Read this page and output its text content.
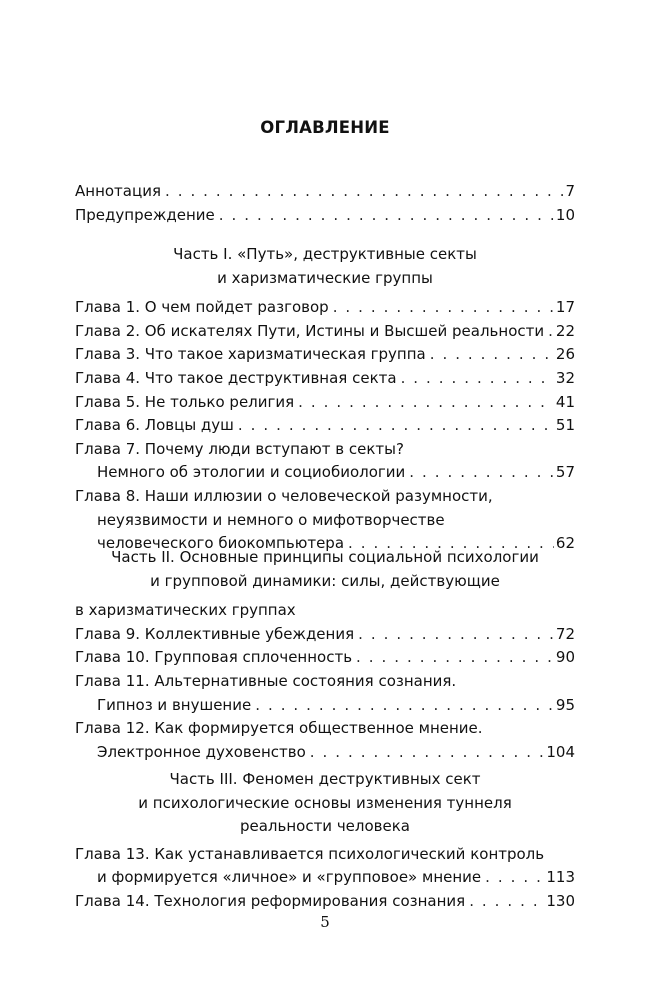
ОГЛАВЛЕНИЕ
Аннотация . . .	7
Предупреждение . . .	10
Часть I. «Путь», деструктивные секты
и харизматические группы
Глава 1. О чем пойдет разговор . . .	17
Глава 2. Об искателях Пути, Истины и Высшей реальности . . . 22
Глава 3. Что такое харизматическая группа . . .	26
Глава 4. Что такое деструктивная секта . . .	32
Глава 5. Не только религия . . .	41
Глава 6. Ловцы душ . . .	51
Глава 7. Почему люди вступают в секты?
Немного об этологии и социобиологии . . .	57
Глава 8. Наши иллюзии о человеческой разумности,
неуязвимости и немного о мифотворчестве
человеческого биокомпьютера . . .	62
Часть II. Основные принципы социальной психологии
и групповой динамики: силы, действующие
в харизматических группах
Глава 9. Коллективные убеждения . . .	72
Глава 10. Групповая сплоченность . . .	90
Глава 11. Альтернативные состояния сознания.
Гипноз и внушение . . .	95
Глава 12. Как формируется общественное мнение.
Электронное духовенство . . .	104
Часть III. Феномен деструктивных сект
и психологические основы изменения туннеля
реальности человека
Глава 13. Как устанавливается психологический контроль
и формируется «личное» и «групповое» мнение . . .	113
Глава 14. Технология реформирования сознания . . .	130
5
